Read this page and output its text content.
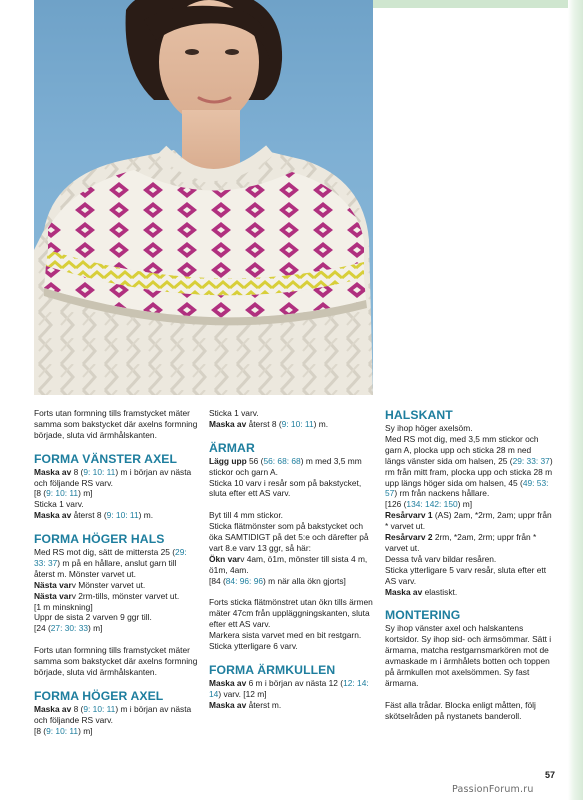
Forts utan formning tills framstycket mäter samma som bakstycket där axelns formning började, sluta vid ärmhålskanten.

FORMA VÄNSTER AXEL

Maska av 8 (9: 10: 11) m i början av nästa och följande RS varv.

[8 (9: 10: 11) m]

Sticka 1 varv.

Maska av återst 8 (9: 10: 11) m.

FORMA HÖGER HALS

Med RS mot dig, sätt de mittersta 25 (29: 33: 37) m på en hållare, anslut garn till återst m. Mönster varvet ut.

Nästa varv Mönster varvet ut.

Nästa varv 2rm-tills, mönster varvet ut.

[1 m minskning]

Uppr de sista 2 varven 9 ggr till.

[24 (27: 30: 33) m]

Forts utan formning tills framstycket mäter samma som bakstycket där axelns formning började, sluta vid ärmhålskanten.

FORMA HÖGER AXEL

Maska av 8 (9: 10: 11) m i början av nästa och följande RS varv.

[8 (9: 10: 11) m]

Sticka 1 varv.

Maska av återst 8 (9: 10: 11) m.

ÄRMAR

Lägg upp 56 (56: 68: 68) m med 3,5 mm stickor och garn A.

Sticka 10 varv i resår som på bakstycket, sluta efter ett AS varv.

Byt till 4 mm stickor.

Sticka flätmönster som på bakstycket och öka SAMTIDIGT på det 5:e och därefter på vart 8.e varv 13 ggr, så här:

Ökn varv 4am, ö1m, mönster till sista 4 m, ö1m, 4am.

[84 (84: 96: 96) m när alla ökn gjorts]

Forts sticka flätmönstret utan ökn tills ärmen mäter 47cm från uppläggningskanten, sluta efter ett AS varv.

Markera sista varvet med en bit restgarn.

Sticka ytterligare 6 varv.

FORMA ÄRMKULLEN

Maska av 6 m i början av nästa 12 (12: 14: 14) varv. [12 m]

Maska av återst m.

HALSKANT

Sy ihop höger axelsöm.

Med RS mot dig, med 3,5 mm stickor och garn A, plocka upp och sticka 28 m ned längs vänster sida om halsen, 25 (29: 33: 37) rm från mitt fram, plocka upp och sticka 28 m upp längs höger sida om halsen, 45 (49: 53: 57) rm från nackens hållare.

[126 (134: 142: 150) m]

Resårvarv 1 (AS) 2am, *2rm, 2am; uppr från * varvet ut.

Resårvarv 2 2rm, *2am, 2rm; uppr från * varvet ut.

Dessa två varv bildar resåren.

Sticka ytterligare 5 varv resår, sluta efter ett AS varv.

Maska av elastiskt.

MONTERING

Sy ihop vänster axel och halskantens kortsidor. Sy ihop sid- och ärmsömmar. Sätt i ärmarna, matcha restgarnsmarkören mot de avmaskade m i ärmhålets botten och toppen på ärmkullen mot axelsömmen. Sy fast ärmarna.

Fäst alla trådar. Blocka enligt måtten, följ skötselråden på nystanets banderoll.

57
PassionForum.ru
